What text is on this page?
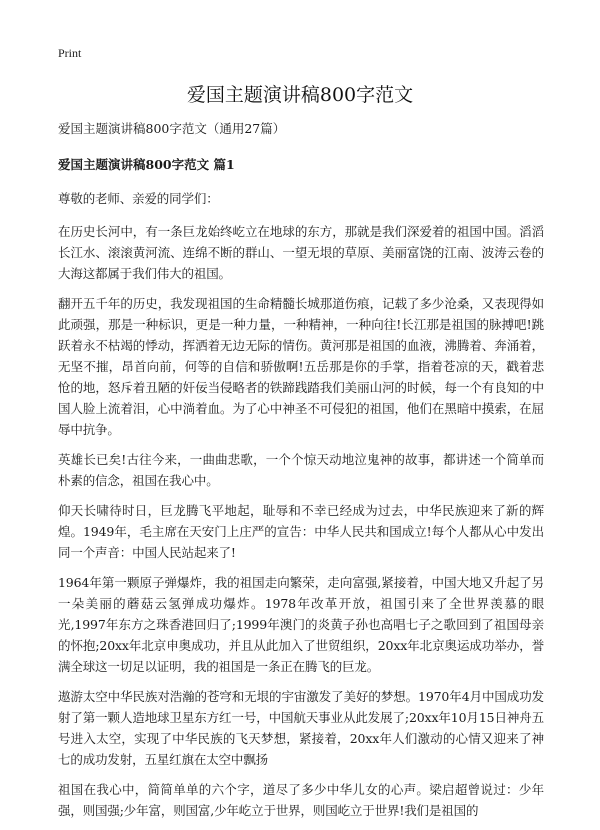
Print
爱国主题演讲稿800字范文

爱国主题演讲稿800字范文（通用27篇）

爱国主题演讲稿800字范文 篇1

尊敬的老师、亲爱的同学们：

在历史长河中，有一条巨龙始终屹立在地球的东方，那就是我们深爱着的祖国中国。滔滔长江水、滚滚黄河流、连绵不断的群山、一望无垠的草原、美丽富饶的江南、波涛云卷的大海这都属于我们伟大的祖国。

翻开五千年的历史，我发现祖国的生命精髓长城那道伤痕，记载了多少沧桑，又表现得如此顽强，那是一种标识，更是一种力量，一种精神，一种向往!长江那是祖国的脉搏吧!跳跃着永不枯竭的悸动，挥洒着无边无际的情伤。黄河那是祖国的血液，沸腾着、奔涌着，无坚不摧，昂首向前，何等的自信和骄傲啊!五岳那是你的手掌，指着苍凉的天，戳着悲怆的地，怒斥着丑陋的奸佞当侵略者的铁蹄践踏我们美丽山河的时候，每一个有良知的中国人脸上流着泪，心中淌着血。为了心中神圣不可侵犯的祖国，他们在黑暗中摸索，在屈辱中抗争。

英雄长已矣!古往今来，一曲曲悲歌，一个个惊天动地泣鬼神的故事，都讲述一个简单而朴素的信念，祖国在我心中。

仰天长啸待时日，巨龙腾飞平地起，耻辱和不幸已经成为过去，中华民族迎来了新的辉煌。1949年，毛主席在天安门上庄严的宣告：中华人民共和国成立!每个人都从心中发出同一个声音：中国人民站起来了!

1964年第一颗原子弹爆炸，我的祖国走向繁荣，走向富强,紧接着，中国大地又升起了另一朵美丽的蘑菇云氢弹成功爆炸。1978年改革开放，祖国引来了全世界羡慕的眼光,1997年东方之珠香港回归了;1999年澳门的炎黄子孙也高唱七子之歌回到了祖国母亲的怀抱;20xx年北京申奥成功，并且从此加入了世贸组织，20xx年北京奥运成功举办，誉满全球这一切足以证明，我的祖国是一条正在腾飞的巨龙。

遨游太空中华民族对浩瀚的苍穹和无垠的宇宙激发了美好的梦想。1970年4月中国成功发射了第一颗人造地球卫星东方红一号，中国航天事业从此发展了;20xx年10月15日神舟五号进入太空，实现了中华民族的飞天梦想，紧接着，20xx年人们激动的心情又迎来了神七的成功发射，五星红旗在太空中飘扬

祖国在我心中，简简单单的六个字，道尽了多少中华儿女的心声。梁启超曾说过：少年强，则国强;少年富，则国富,少年屹立于世界，则国屹立于世界!我们是祖国的
